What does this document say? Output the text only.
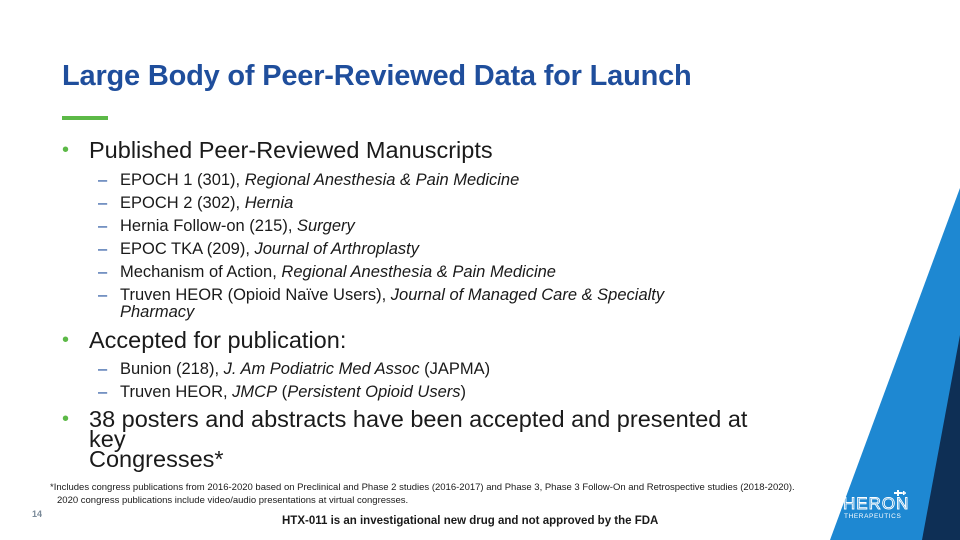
Large Body of Peer-Reviewed Data for Launch
• Published Peer-Reviewed Manuscripts
– EPOCH 1 (301), Regional Anesthesia & Pain Medicine
– EPOCH 2 (302), Hernia
– Hernia Follow-on (215), Surgery
– EPOC TKA (209), Journal of Arthroplasty
– Mechanism of Action, Regional Anesthesia & Pain Medicine
– Truven HEOR (Opioid Naïve Users), Journal of Managed Care & Specialty
Pharmacy
• Accepted for publication:
– Bunion (218), J. Am Podiatric Med Assoc (JAPMA)
– Truven HEOR, JMCP (Persistent Opioid Users)
• 38 posters and abstracts have been accepted and presented at key
Congresses*
*Includes congress publications from 2016-2020 based on Preclinical and Phase 2 studies (2016-2017) and Phase 3, Phase 3 Follow-On and Retrospective studies (2018-2020).
2020 congress publications include video/audio presentations at virtual congresses.
14
HTX-011 is an investigational new drug and not approved by the FDA
HERON
THERAPEUTICS
